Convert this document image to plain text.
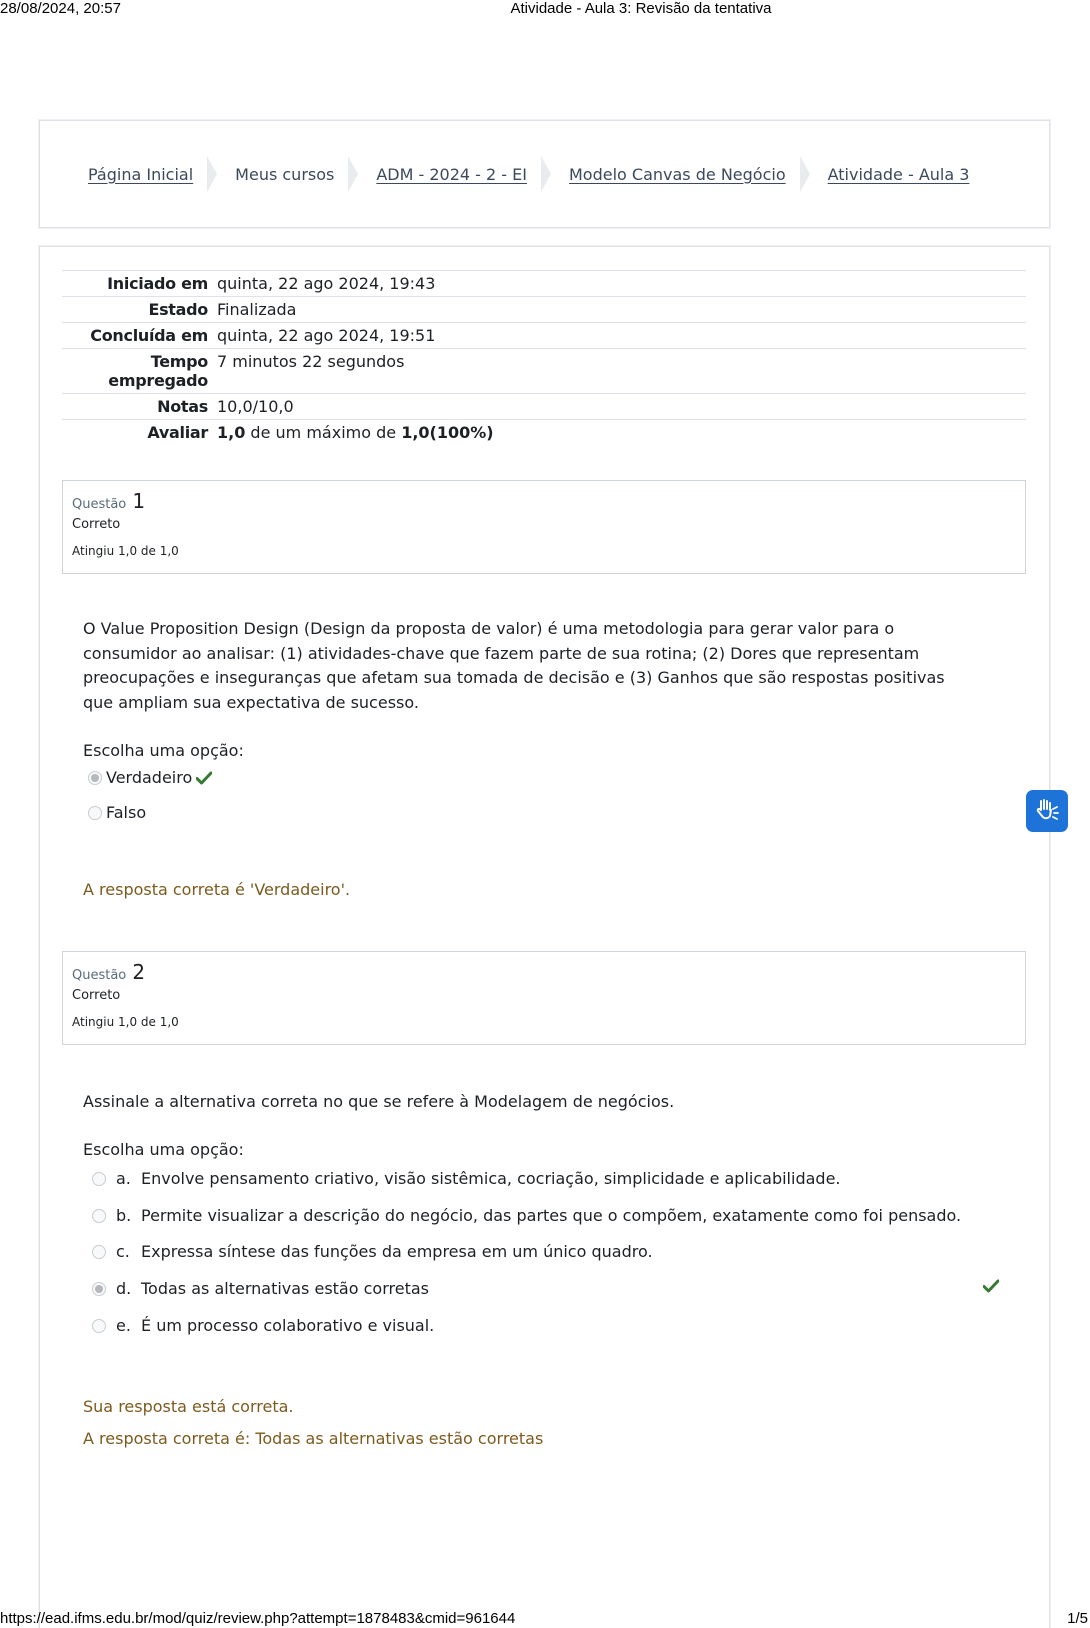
28/08/2024, 20:57	Atividade - Aula 3: Revisão da tentativa
Página Inicial	Meus cursos	ADM - 2024 - 2 - EI	Modelo Canvas de Negócio	Atividade - Aula 3
Iniciado em quinta, 22 ago 2024, 19:43
Estado Finalizada
Concluída em quinta, 22 ago 2024, 19:51
Tempo
empregado
7 minutos 22 segundos
Notas 10,0/10,0
Avaliar 1,0 de um máximo de 1,0(100%)
Questão 1
Correto
Atingiu 1,0 de 1,0
O Value Proposition Design (Design da proposta de valor) é uma metodologia para gerar valor para o
consumidor ao analisar: (1) atividades-chave que fazem parte de sua rotina; (2) Dores que representam
preocupações e inseguranças que afetam sua tomada de decisão e (3) Ganhos que são respostas positivas
que ampliam sua expectativa de sucesso.
Escolha uma opção:
Verdadeiro
Falso
A resposta correta é 'Verdadeiro'.
Questão 2
Correto
Atingiu 1,0 de 1,0
Assinale a alternativa correta no que se refere à Modelagem de negócios.
Escolha uma opção:
a. Envolve pensamento criativo, visão sistêmica, cocriação, simplicidade e aplicabilidade.
b. Permite visualizar a descrição do negócio, das partes que o compõem, exatamente como foi pensado.
c. Expressa síntese das funções da empresa em um único quadro.
d. Todas as alternativas estão corretas
e. É um processo colaborativo e visual.
Sua resposta está correta.
A resposta correta é: Todas as alternativas estão corretas
https://ead.ifms.edu.br/mod/quiz/review.php?attempt=1878483&cmid=961644	1/5
